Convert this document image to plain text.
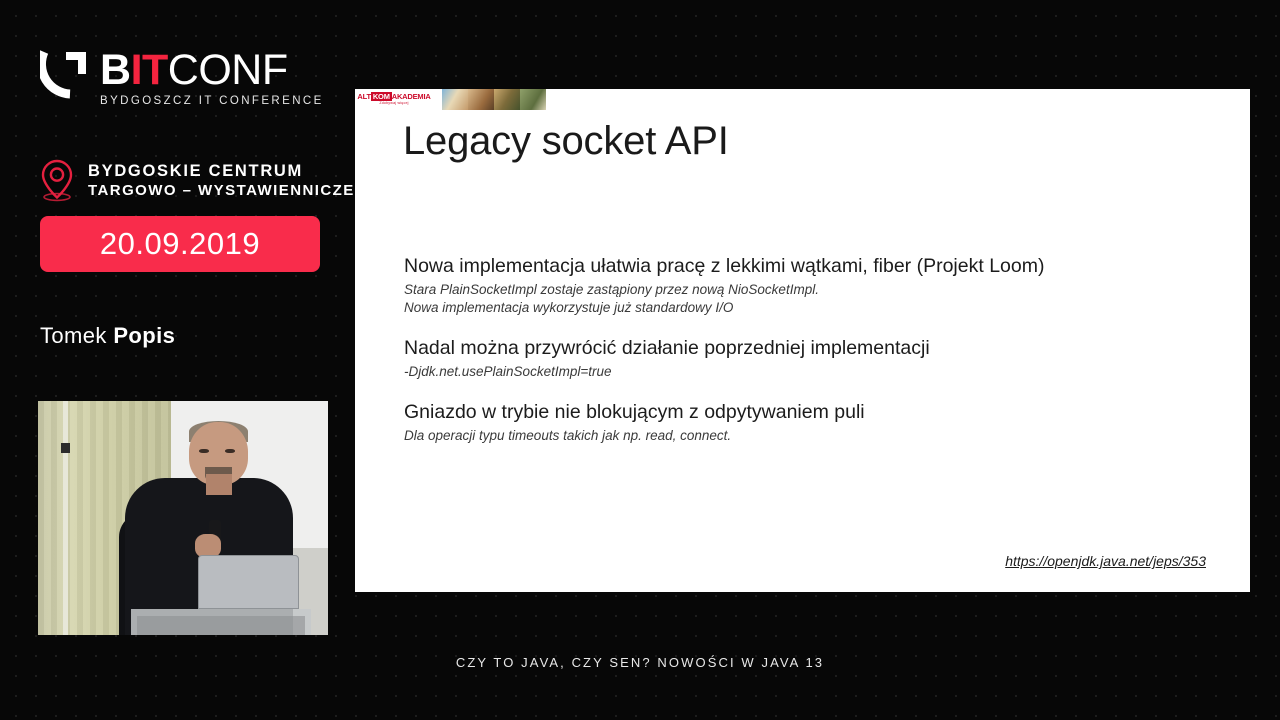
BITCONF
BYDGOSZCZ IT CONFERENCE
BYDGOSKIE CENTRUM
TARGOWO – WYSTAWIENNICZE
20.09.2019
Tomek Popis
ALT KOM AKADEMIA
Zdobywaj więcej
Legacy socket API
Nowa implementacja ułatwia pracę z lekkimi wątkami, fiber (Projekt Loom)
Stara PlainSocketImpl zostaje zastąpiony przez nową NioSocketImpl.
Nowa implementacja wykorzystuje już standardowy I/O
Nadal można przywrócić działanie poprzedniej implementacji
-Djdk.net.usePlainSocketImpl=true
Gniazdo w trybie nie blokującym z odpytywaniem puli
Dla operacji typu timeouts takich jak np. read, connect.
https://openjdk.java.net/jeps/353
CZY TO JAVA, CZY SEN? NOWOŚCI W JAVA 13
